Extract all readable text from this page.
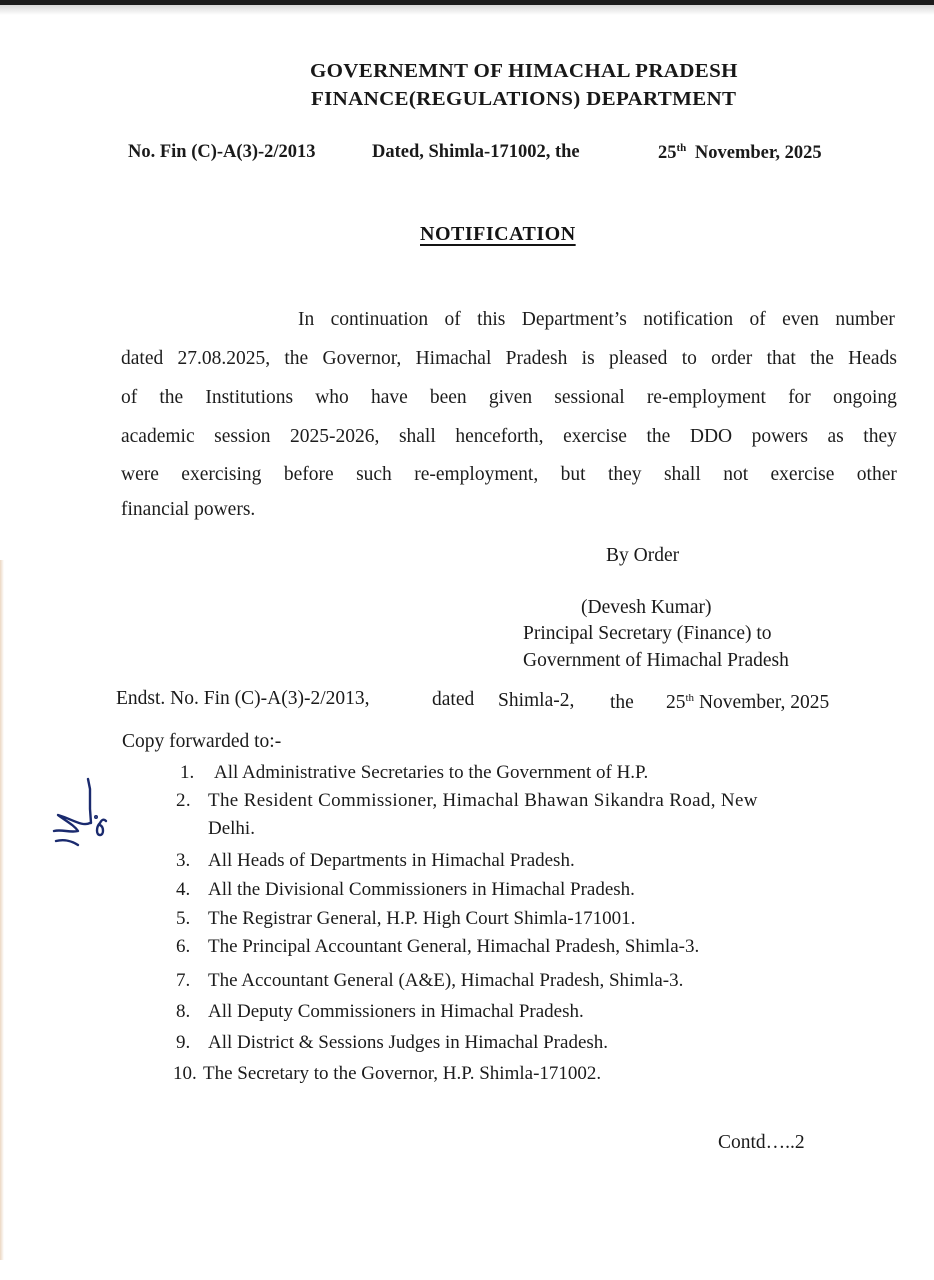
GOVERNEMNT OF HIMACHAL PRADESH
FINANCE(REGULATIONS) DEPARTMENT
No. Fin (C)-A(3)-2/2013	Dated, Shimla-171002, the	25th November, 2025
NOTIFICATION
In continuation of this Department’s notification of even number
dated 27.08.2025, the Governor, Himachal Pradesh is pleased to order that the Heads
of the Institutions who have been given sessional re-employment for ongoing
academic session 2025-2026, shall henceforth, exercise the DDO powers as they
were exercising before such re-employment, but they shall not exercise other
financial powers.
By Order
(Devesh Kumar)
Principal Secretary (Finance) to
Government of Himachal Pradesh
Endst. No. Fin (C)-A(3)-2/2013,	dated Shimla-2, the 25th November, 2025
Copy forwarded to:-
1. All Administrative Secretaries to the Government of H.P.
2. The Resident Commissioner, Himachal Bhawan Sikandra Road, New
Delhi.
3. All Heads of Departments in Himachal Pradesh.
4. All the Divisional Commissioners in Himachal Pradesh.
5. The Registrar General, H.P. High Court Shimla-171001.
6. The Principal Accountant General, Himachal Pradesh, Shimla-3.
7. The Accountant General (A&E), Himachal Pradesh, Shimla-3.
8. All Deputy Commissioners in Himachal Pradesh.
9. All District & Sessions Judges in Himachal Pradesh.
10. The Secretary to the Governor, H.P. Shimla-171002.
Contd…..2
